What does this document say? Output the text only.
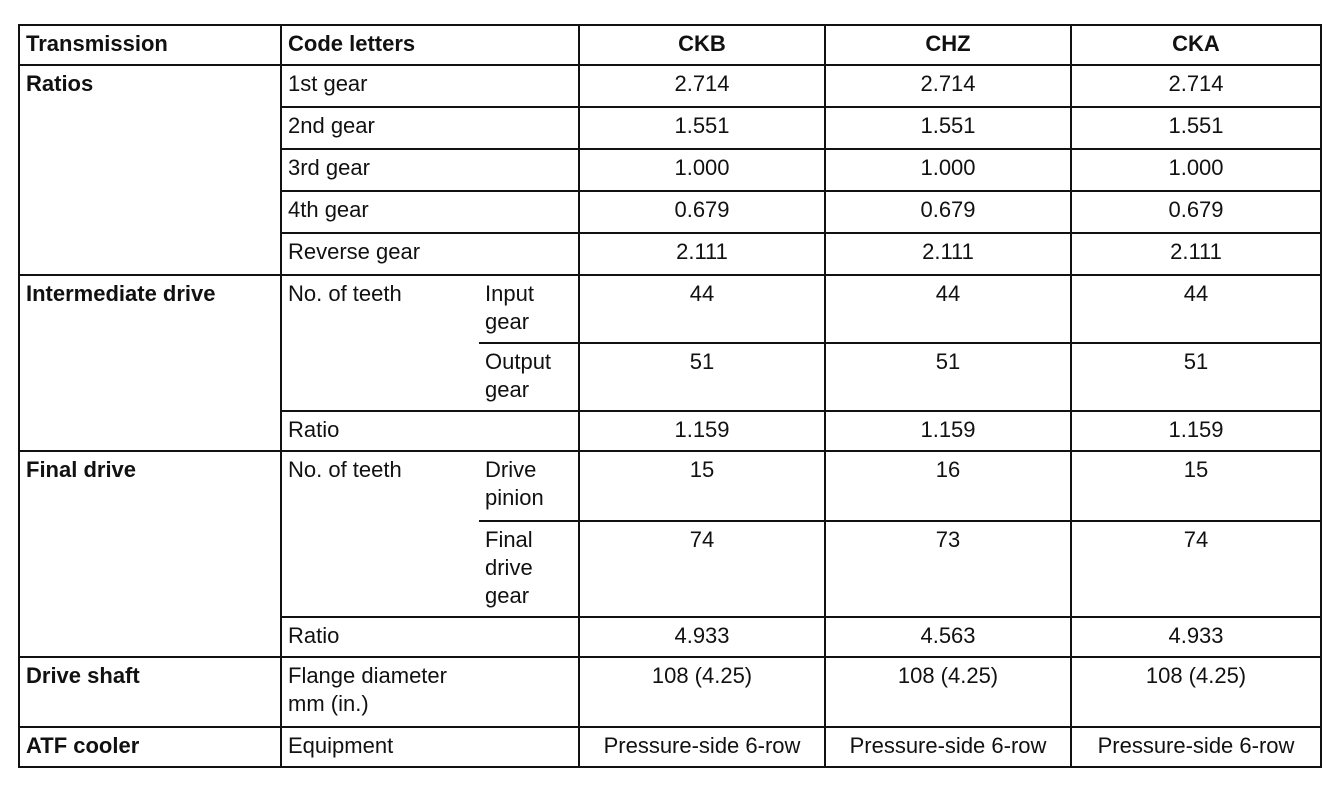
Transmission	Code letters		CKB	CHZ	CKA
Ratios	1st gear		2.714	2.714	2.714
	2nd gear		1.551	1.551	1.551
	3rd gear		1.000	1.000	1.000
	4th gear		0.679	0.679	0.679
	Reverse gear		2.111	2.111	2.111
Intermediate drive	No. of teeth	Input gear	44	44	44
		Output gear	51	51	51
	Ratio		1.159	1.159	1.159
Final drive	No. of teeth	Drive pinion	15	16	15
		Final drive gear	74	73	74
	Ratio		4.933	4.563	4.933
Drive shaft	Flange diameter mm (in.)		108 (4.25)	108 (4.25)	108 (4.25)
ATF cooler	Equipment		Pressure-side 6-row	Pressure-side 6-row	Pressure-side 6-row
